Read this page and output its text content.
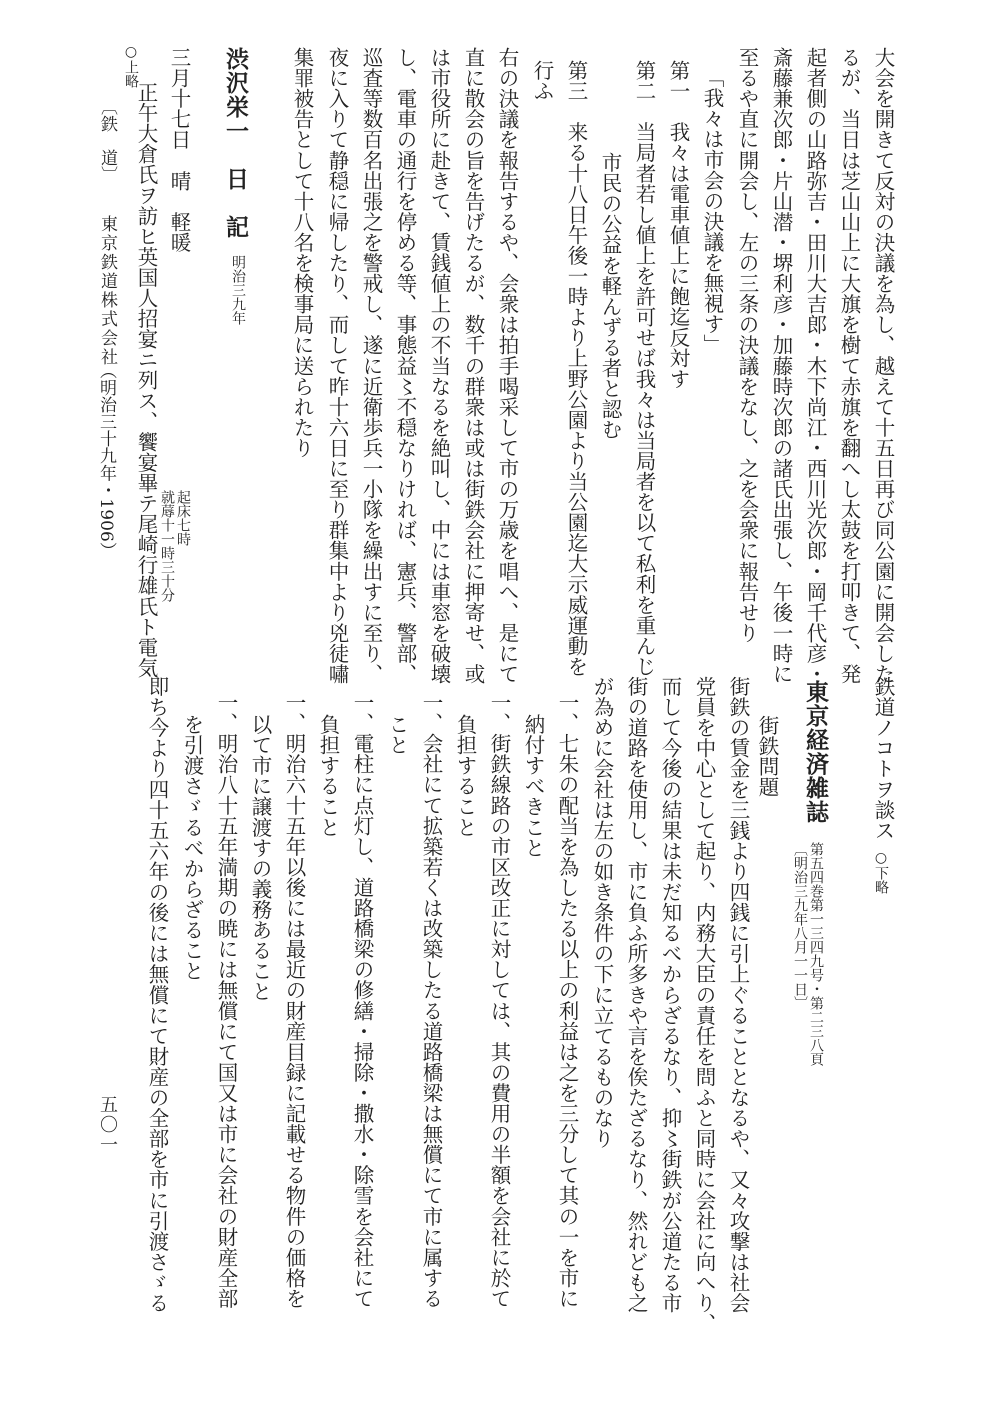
大会を開きて反対の決議を為し、越えて十五日再び同公園に開会した
るが、当日は芝山山上に大旗を樹て赤旗を翻へし太鼓を打叩きて、発
起者側の山路弥吉・田川大吉郎・木下尚江・西川光次郎・岡千代彦・
斎藤兼次郎・片山潜・堺利彦・加藤時次郎の諸氏出張し、午後一時に
至るや直に開会し、左の三条の決議をなし、之を会衆に報告せり
「我々は市会の決議を無視す」
第一　我々は電車値上に飽迄反対す
第二　当局者若し値上を許可せば我々は当局者を以て私利を重んじ
市民の公益を軽んずる者と認む
第三　来る十八日午後一時より上野公園より当公園迄大示威運動を
行ふ
右の決議を報告するや、会衆は拍手喝采して市の万歳を唱へ、是にて
直に散会の旨を告げたるが、数千の群衆は或は街鉄会社に押寄せ、或
は市役所に赴きて、賃銭値上の不当なるを絶叫し、中には車窓を破壊
し、電車の通行を停める等、事態益〻不穏なりければ、憲兵、警部、
巡査等数百名出張之を警戒し、遂に近衛歩兵一小隊を繰出すに至り、
夜に入りて静穏に帰したり、而して昨十六日に至り群集中より兇徒嘯
集罪被告として十八名を検事局に送られたり
渋沢栄一　日　記
明治三九年
三月十七日　晴　軽暖
起床七時
就蓐十一時三十分
○上略
正午大倉氏ヲ訪ヒ英国人招宴ニ列ス、饗宴畢テ尾崎行雄氏ト電気
〔鉄　道〕
東京鉄道株式会社
（明治三十九年・1906）
鉄道ノコトヲ談ス
○下略
東京経済雑誌
第五四巻第一三四九号・第二三八頁
〔明治三九年八月一一日〕
街鉄問題
街鉄の賃金を三銭より四銭に引上ぐることとなるや、又々攻撃は社会
党員を中心として起り、内務大臣の責任を問ふと同時に会社に向へり、
而して今後の結果は未だ知るべからざるなり、抑〻街鉄が公道たる市
街の道路を使用し、市に負ふ所多きや言を俟たざるなり、然れども之
が為めに会社は左の如き条件の下に立てるものなり
一、七朱の配当を為したる以上の利益は之を三分して其の一を市に
納付すべきこと
一、街鉄線路の市区改正に対しては、其の費用の半額を会社に於て
負担すること
一、会社にて拡築若くは改築したる道路橋梁は無償にて市に属する
こと
一、電柱に点灯し、道路橋梁の修繕・掃除・撒水・除雪を会社にて
負担すること
一、明治六十五年以後には最近の財産目録に記載せる物件の価格を
以て市に譲渡すの義務あること
一、明治八十五年満期の暁には無償にて国又は市に会社の財産全部
を引渡さゞるべからざること
即ち今より四十五六年の後には無償にて財産の全部を市に引渡さゞる
五〇一
